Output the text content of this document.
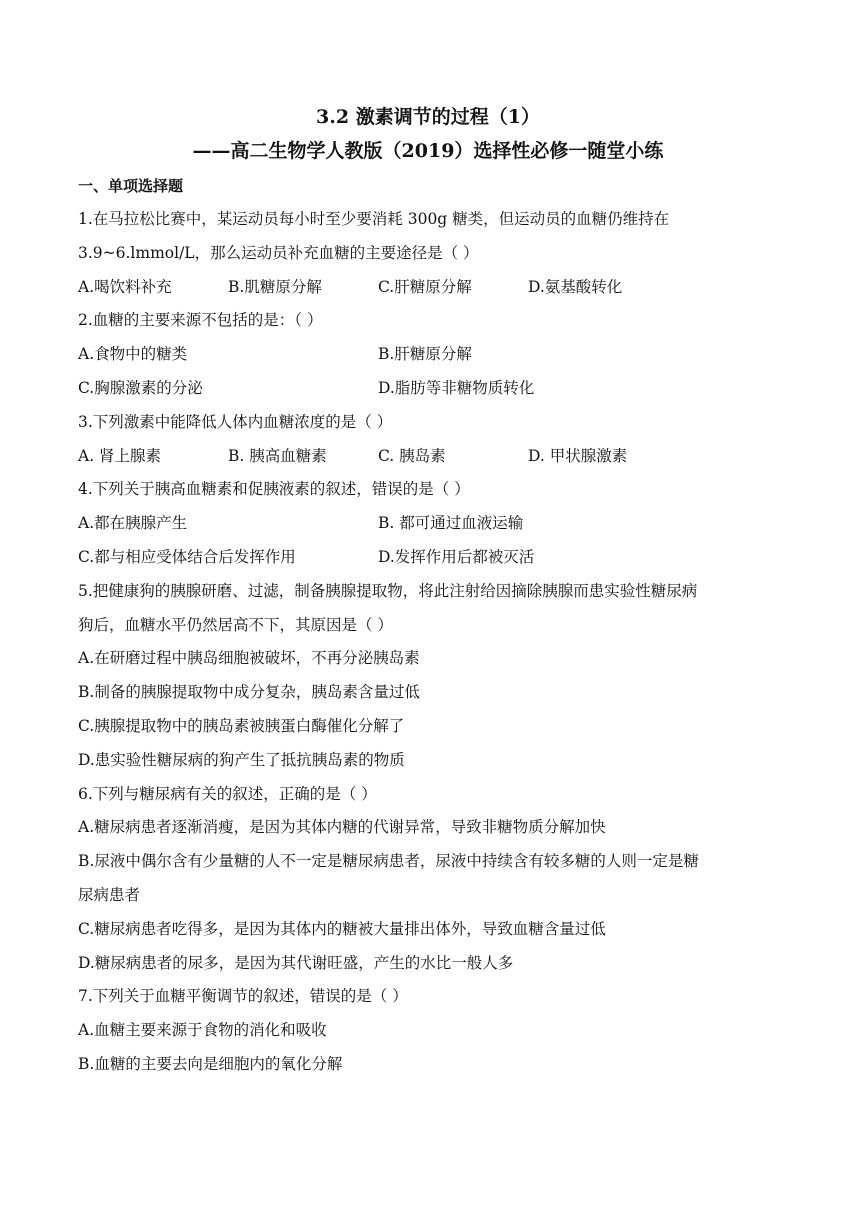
3.2 激素调节的过程（1）

——高二生物学人教版（2019）选择性必修一随堂小练

一、单项选择题

1.在马拉松比赛中，某运动员每小时至少要消耗 300g 糖类，但运动员的血糖仍维持在

3.9~6.lmmol/L，那么运动员补充血糖的主要途径是（ ）

A.喝饮料补充	B.肌糖原分解	C.肝糖原分解	D.氨基酸转化

2.血糖的主要来源不包括的是：（ ）

A.食物中的糖类	B.肝糖原分解
C.胸腺激素的分泌	D.脂肪等非糖物质转化

3.下列激素中能降低人体内血糖浓度的是（ ）

A. 肾上腺素	B. 胰高血糖素	C. 胰岛素	D. 甲状腺激素

4.下列关于胰高血糖素和促胰液素的叙述，错误的是（ ）

A.都在胰腺产生	B. 都可通过血液运输
C.都与相应受体结合后发挥作用	D.发挥作用后都被灭活

5.把健康狗的胰腺研磨、过滤，制备胰腺提取物，将此注射给因摘除胰腺而患实验性糖尿病

狗后，血糖水平仍然居高不下，其原因是（ ）

A.在研磨过程中胰岛细胞被破坏，不再分泌胰岛素

B.制备的胰腺提取物中成分复杂，胰岛素含量过低

C.胰腺提取物中的胰岛素被胰蛋白酶催化分解了

D.患实验性糖尿病的狗产生了抵抗胰岛素的物质

6.下列与糖尿病有关的叙述，正确的是（ ）

A.糖尿病患者逐渐消瘦，是因为其体内糖的代谢异常，导致非糖物质分解加快

B.尿液中偶尔含有少量糖的人不一定是糖尿病患者，尿液中持续含有较多糖的人则一定是糖

尿病患者

C.糖尿病患者吃得多，是因为其体内的糖被大量排出体外，导致血糖含量过低

D.糖尿病患者的尿多，是因为其代谢旺盛，产生的水比一般人多

7.下列关于血糖平衡调节的叙述，错误的是（ ）

A.血糖主要来源于食物的消化和吸收

B.血糖的主要去向是细胞内的氧化分解
